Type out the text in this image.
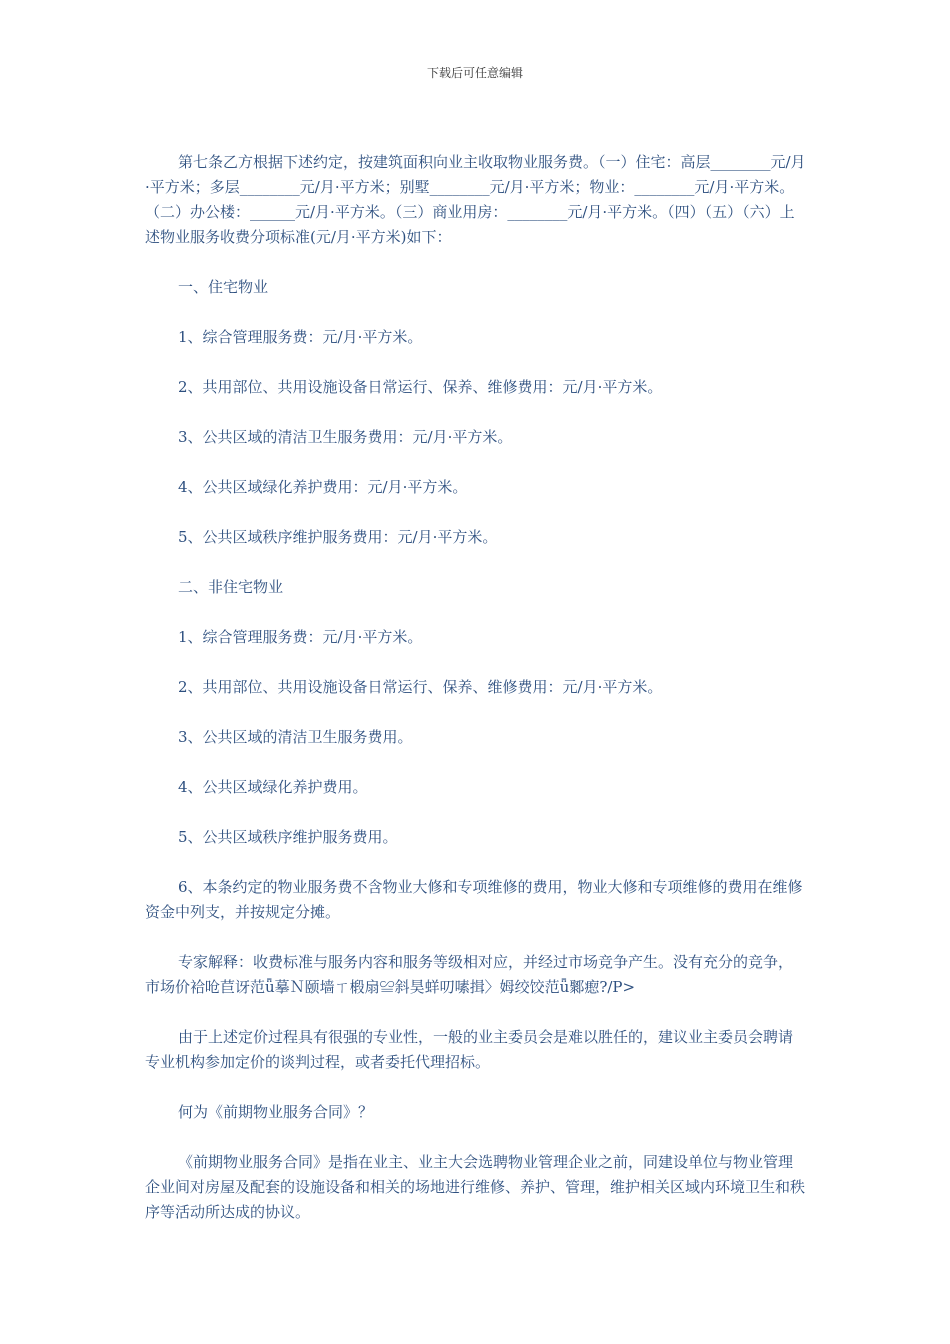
下载后可任意编辑

第七条乙方根据下述约定，按建筑面积向业主收取物业服务费。（一）住宅：高层________元/月·平方米；多层________元/月·平方米；别墅________元/月·平方米；物业：________元/月·平方米。（二）办公楼：______元/月·平方米。（三）商业用房：________元/月·平方米。（四）（五）（六）上述物业服务收费分项标准(元/月·平方米)如下：

一、住宅物业

1、综合管理服务费：元/月·平方米。

2、共用部位、共用设施设备日常运行、保养、维修费用：元/月·平方米。

3、公共区域的清洁卫生服务费用：元/月·平方米。

4、公共区域绿化养护费用：元/月·平方米。

5、公共区域秩序维护服务费用：元/月·平方米。

二、非住宅物业

1、综合管理服务费：元/月·平方米。

2、共用部位、共用设施设备日常运行、保养、维修费用：元/月·平方米。

3、公共区域的清洁卫生服务费用。

4、公共区域绿化养护费用。

5、公共区域秩序维护服务费用。

6、本条约定的物业服务费不含物业大修和专项维修的费用，物业大修和专项维修的费用在维修资金中列支，并按规定分摊。

专家解释：收费标准与服务内容和服务等级相对应，并经过市场竞争产生。没有充分的竞争，市场价袷呛苣讶范ǖ摹Ｎ颐墙ㄒ椴扇≌斜昊蛘叨嗉揖〉姆绞饺范ǖ鄹瘛?/P>

由于上述定价过程具有很强的专业性，一般的业主委员会是难以胜任的，建议业主委员会聘请专业机构参加定价的谈判过程，或者委托代理招标。

何为《前期物业服务合同》？

《前期物业服务合同》是指在业主、业主大会选聘物业管理企业之前，同建设单位与物业管理企业间对房屋及配套的设施设备和相关的场地进行维修、养护、管理，维护相关区域内环境卫生和秩序等活动所达成的协议。
